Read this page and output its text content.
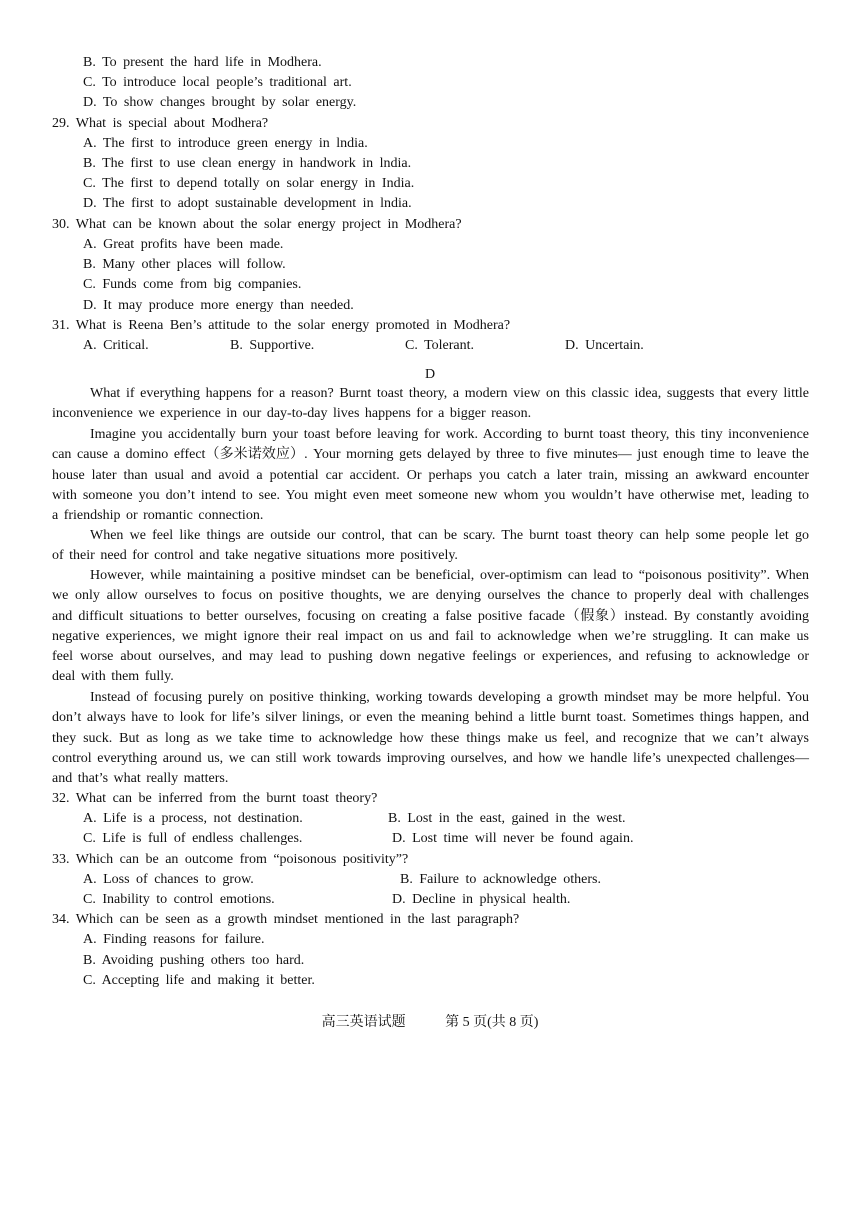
B. To present the hard life in Modhera.
C. To introduce local people’s traditional art.
D. To show changes brought by solar energy.
29. What is special about Modhera?
A. The first to introduce green energy in lndia.
B. The first to use clean energy in handwork in lndia.
C. The first to depend totally on solar energy in India.
D. The first to adopt sustainable development in lndia.
30. What can be known about the solar energy project in Modhera?
A. Great profits have been made.
B. Many other places will follow.
C. Funds come from big companies.
D. It may produce more energy than needed.
31. What is Reena Ben’s attitude to the solar energy promoted in Modhera?
A. Critical.	B. Supportive.	C. Tolerant.	D. Uncertain.
D

What if everything happens for a reason? Burnt toast theory, a modern view on this classic idea, suggests that every little inconvenience we experience in our day-to-day lives happens for a bigger reason.

Imagine you accidentally burn your toast before leaving for work. According to burnt toast theory, this tiny inconvenience can cause a domino effect（多米诺效应）. Your morning gets delayed by three to five minutes— just enough time to leave the house later than usual and avoid a potential car accident. Or perhaps you catch a later train, missing an awkward encounter with someone you don’t intend to see. You might even meet someone new whom you wouldn’t have otherwise met, leading to a friendship or romantic connection.

When we feel like things are outside our control, that can be scary. The burnt toast theory can help some people let go of their need for control and take negative situations more positively.

However, while maintaining a positive mindset can be beneficial, over-optimism can lead to “poisonous positivity”. When we only allow ourselves to focus on positive thoughts, we are denying ourselves the chance to properly deal with challenges and difficult situations to better ourselves, focusing on creating a false positive facade（假象）instead. By constantly avoiding negative experiences, we might ignore their real impact on us and fail to acknowledge when we’re struggling. It can make us feel worse about ourselves, and may lead to pushing down negative feelings or experiences, and refusing to acknowledge or deal with them fully.

Instead of focusing purely on positive thinking, working towards developing a growth mindset may be more helpful. You don’t always have to look for life’s silver linings, or even the meaning behind a little burnt toast. Sometimes things happen, and they suck. But as long as we take time to acknowledge how these things make us feel, and recognize that we can’t always control everything around us, we can still work towards improving ourselves, and how we handle life’s unexpected challenges— and that’s what really matters.

32. What can be inferred from the burnt toast theory?
A. Life is a process, not destination.	B. Lost in the east, gained in the west.
C. Life is full of endless challenges.	D. Lost time will never be found again.
33. Which can be an outcome from “poisonous positivity”?
A. Loss of chances to grow.	B. Failure to acknowledge others.
C. Inability to control emotions.	D. Decline in physical health.
34. Which can be seen as a growth mindset mentioned in the last paragraph?
A. Finding reasons for failure.
B. Avoiding pushing others too hard.
C. Accepting life and making it better.
高三英语试题	第 5 页(共 8 页)
